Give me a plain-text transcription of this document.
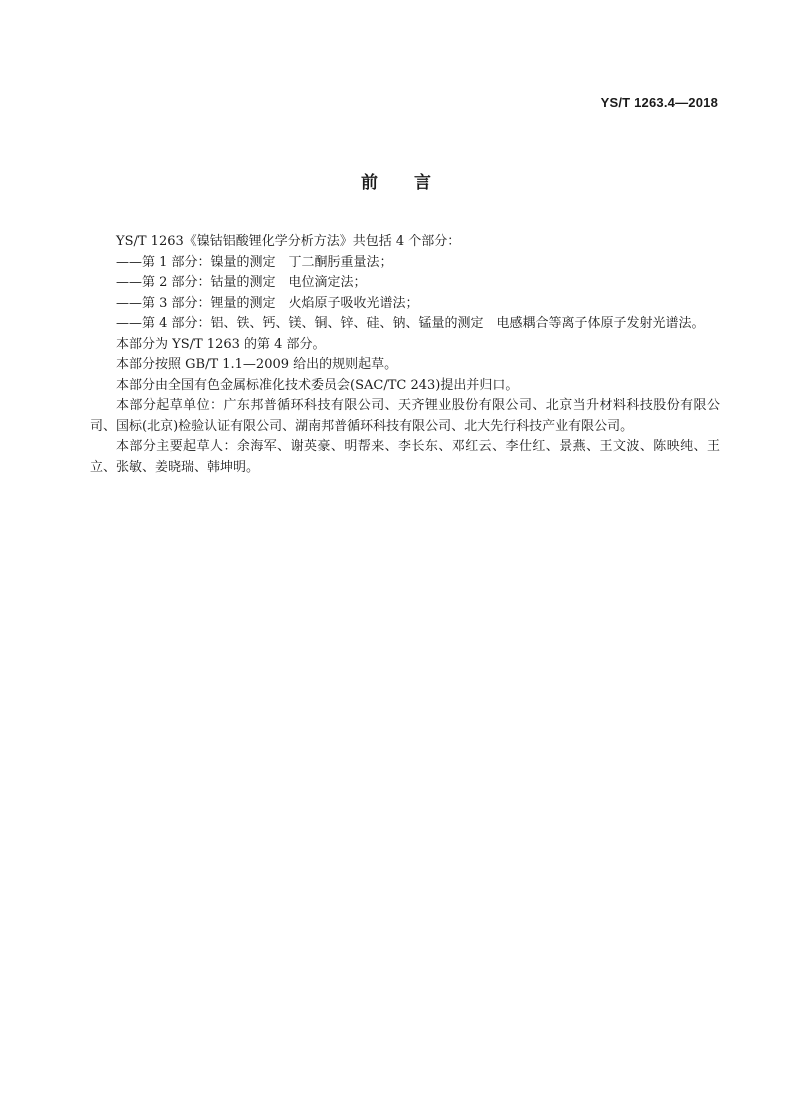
YS/T 1263.4—2018
前言

YS/T 1263《镍钴铝酸锂化学分析方法》共包括 4 个部分：

——第 1 部分：镍量的测定　丁二酮肟重量法；

——第 2 部分：钴量的测定　电位滴定法；

——第 3 部分：锂量的测定　火焰原子吸收光谱法；

——第 4 部分：铝、铁、钙、镁、铜、锌、硅、钠、锰量的测定　电感耦合等离子体原子发射光谱法。

本部分为 YS/T 1263 的第 4 部分。

本部分按照 GB/T 1.1—2009 给出的规则起草。

本部分由全国有色金属标准化技术委员会(SAC/TC 243)提出并归口。

本部分起草单位：广东邦普循环科技有限公司、天齐锂业股份有限公司、北京当升材料科技股份有限公司、国标(北京)检验认证有限公司、湖南邦普循环科技有限公司、北大先行科技产业有限公司。

本部分主要起草人：余海军、谢英豪、明帮来、李长东、邓红云、李仕红、景燕、王文波、陈映纯、王立、张敏、姜晓瑞、韩坤明。
